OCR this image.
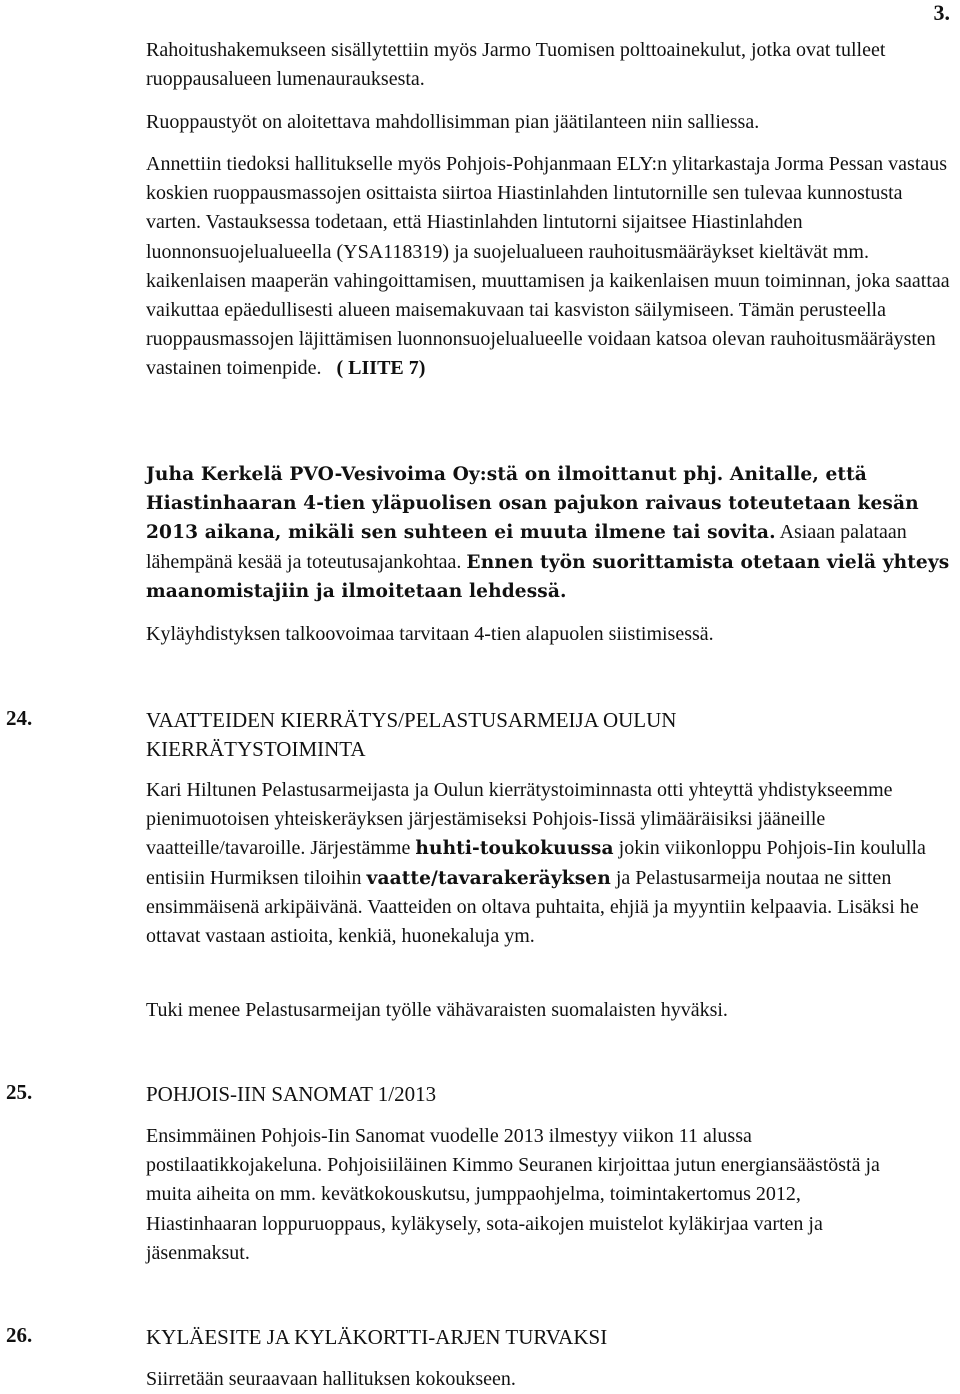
3.

Rahoitushakemukseen sisällytettiin myös Jarmo Tuomisen polttoainekulut, jotka ovat tulleet ruoppausalueen lumenaurauksesta.

Ruoppaustyöt on aloitettava mahdollisimman pian jäätilanteen niin salliessa.

Annettiin tiedoksi hallitukselle myös Pohjois-Pohjanmaan ELY:n ylitarkastaja Jorma Pessan vastaus koskien ruoppausmassojen osittaista siirtoa Hiastinlahden lintutornille sen tulevaa kunnostusta varten. Vastauksessa todetaan, että Hiastinlahden lintutorni sijaitsee Hiastinlahden luonnonsuojelualueella (YSA118319) ja suojelualueen rauhoitusmääräykset kieltävät mm. kaikenlaisen maaperän vahingoittamisen, muuttamisen ja kaikenlaisen muun toiminnan, joka saattaa vaikuttaa epäedullisesti alueen maisemakuvaan tai kasviston säilymiseen. Tämän perusteella ruoppausmassojen läjittämisen luonnonsuojelualueelle voidaan katsoa olevan rauhoitusmääräysten vastainen toimenpide. ( LIITE 7)

Juha Kerkelä PVO-Vesivoima Oy:stä on ilmoittanut phj. Anitalle, että Hiastinhaaran 4-tien yläpuolisen osan pajukon raivaus toteutetaan kesän 2013 aikana, mikäli sen suhteen ei muuta ilmene tai sovita. Asiaan palataan lähempänä kesää ja toteutusajankohtaa. Ennen työn suorittamista otetaan vielä yhteys maanomistajiin ja ilmoitetaan lehdessä.

Kyläyhdistyksen talkoovoimaa tarvitaan 4-tien alapuolen siistimisessä.

24.	VAATTEIDEN KIERRÄTYS/PELASTUSARMEIJA OULUN KIERRÄTYSTOIMINTA

Kari Hiltunen Pelastusarmeijasta ja Oulun kierrätystoiminnasta otti yhteyttä yhdistykseemme pienimuotoisen yhteiskeräyksen järjestämiseksi Pohjois-Iissä ylimääräisiksi jääneille vaatteille/tavaroille. Järjestämme huhti-toukokuussa jokin viikonloppu Pohjois-Iin koululla entisiin Hurmiksen tiloihin vaatte/tavarakeräyksen ja Pelastusarmeija noutaa ne sitten ensimmäisenä arkipäivänä. Vaatteiden on oltava puhtaita, ehjiä ja myyntiin kelpaavia. Lisäksi he ottavat vastaan astioita, kenkiä, huonekaluja ym.

Tuki menee Pelastusarmeijan työlle vähävaraisten suomalaisten hyväksi.

25.	POHJOIS-IIN SANOMAT 1/2013

Ensimmäinen Pohjois-Iin Sanomat vuodelle 2013 ilmestyy viikon 11 alussa postilaatikkojakeluna. Pohjoisiiläinen Kimmo Seuranen kirjoittaa jutun energiansäästöstä ja muita aiheita on mm. kevätkokouskutsu, jumppaohjelma, toimintakertomus 2012, Hiastinhaaran loppuruoppaus, kyläkysely, sota-aikojen muistelot kyläkirjaa varten ja jäsenmaksut.

26.	KYLÄESITE JA KYLÄKORTTI-ARJEN TURVAKSI

Siirretään seuraavaan hallituksen kokoukseen.
